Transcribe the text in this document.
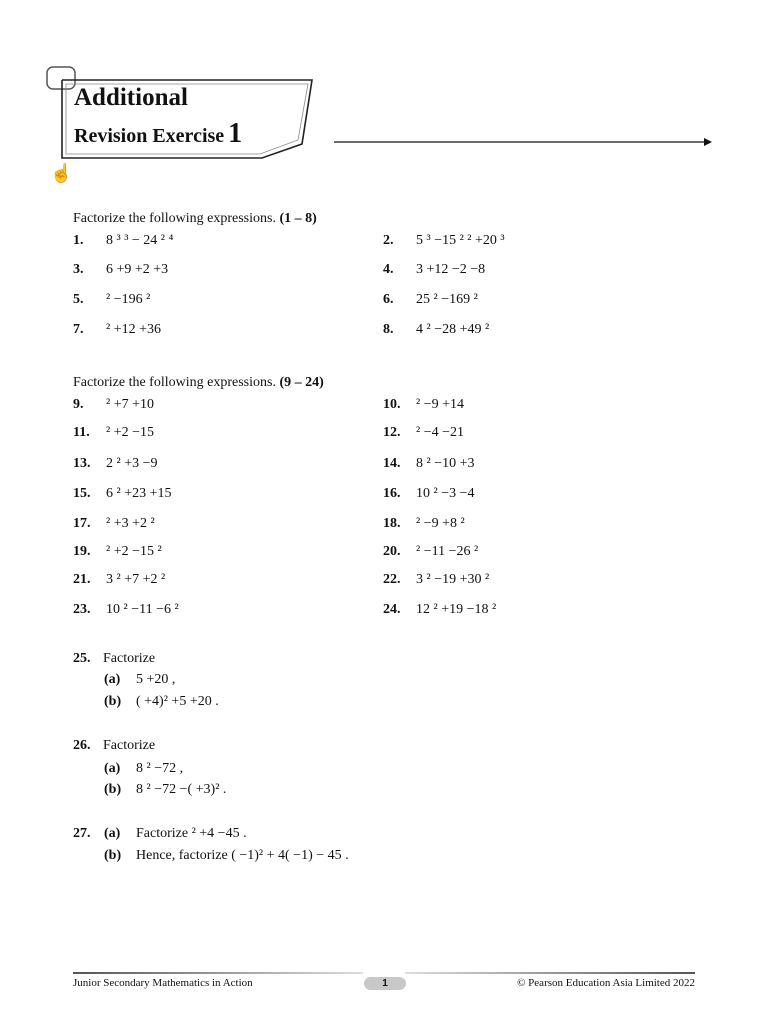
Additional
Revision Exercise 1
☝
Factorize the following expressions. (1 – 8)
1.	8 ³ ³ − 24 ² ⁴	2.	5 ³ −15 ² ² +20 ³
3.	6 +9 +2 +3	4.	3 +12 −2 −8
5.	² −196 ²	6.	25 ² −169 ²
7.	² +12 +36	8.	4 ² −28 +49 ²
Factorize the following expressions. (9 – 24)
9.	² +7 +10	10.	² −9 +14
11.	² +2 −15	12.	² −4 −21
13.	2 ² +3 −9	14.	8 ² −10 +3
15.	6 ² +23 +15	16.	10 ² −3 −4
17.	² +3 +2 ²	18.	² −9 +8 ²
19.	² +2 −15 ²	20.	² −11 −26 ²
21.	3 ² +7 +2 ²	22.	3 ² −19 +30 ²
23.	10 ² −11 −6 ²	24.	12 ² +19 −18 ²
25. Factorize
(a) 5 +20 ,
(b) ( +4)² +5 +20 .
26. Factorize
(a) 8 ² −72 ,
(b) 8 ² −72 −( +3)² .
27. (a) Factorize ² +4 −45 .
(b) Hence, factorize ( −1)² + 4( −1) − 45 .
Junior Secondary Mathematics in Action	1	© Pearson Education Asia Limited 2022
